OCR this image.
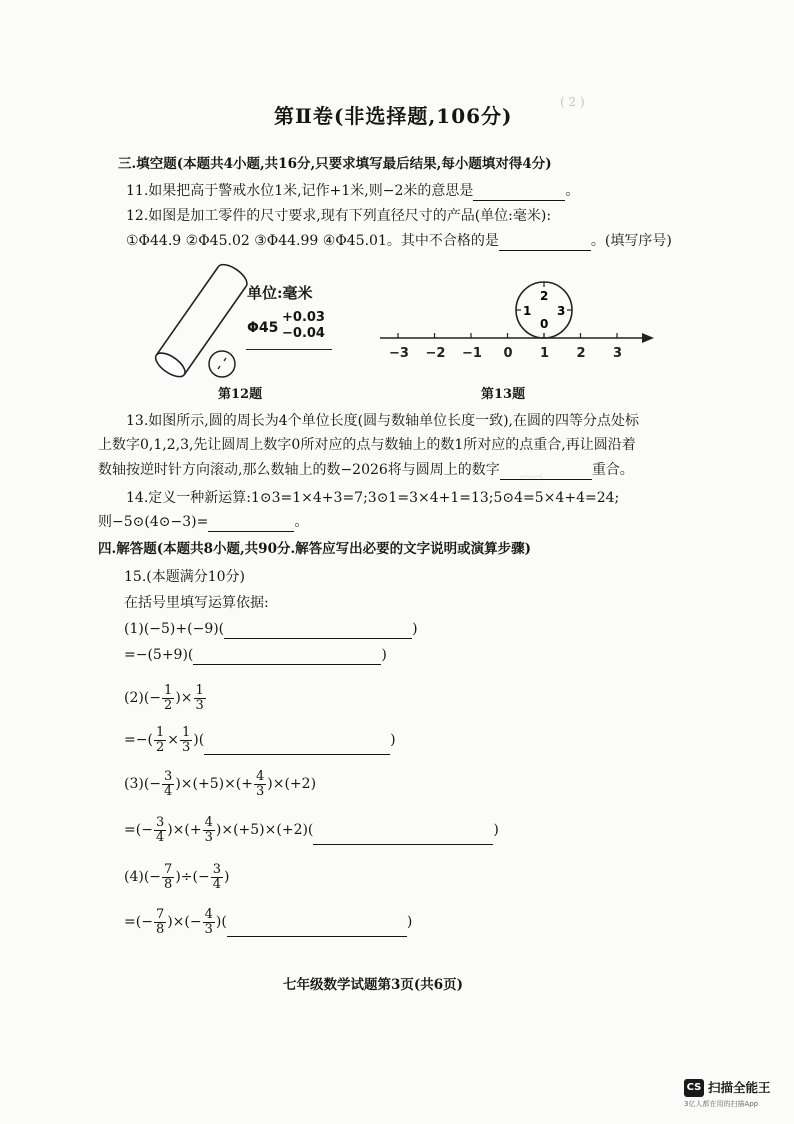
( 2 )
▭▭
第Ⅱ卷(非选择题,106分)
三.填空题(本题共4小题,共16分,只要求填写最后结果,每小题填对得4分)
11.如果把高于警戒水位1米,记作+1米,则−2米的意思是	。
12.如图是加工零件的尺寸要求,现有下列直径尺寸的产品(单位:毫米):
①Φ44.9 ②Φ45.02 ③Φ44.99 ④Φ45.01。其中不合格的是	。(填写序号)
单位:毫米
Φ45
+0.03
−0.04
第12题
−3 −2 −1 0 1 2 3
2
1 3
0
第13题
13.如图所示,圆的周长为4个单位长度(圆与数轴单位长度一致),在圆的四等分点处标
上数字0,1,2,3,先让圆周上数字0所对应的点与数轴上的数1所对应的点重合,再让圆沿着
数轴按逆时针方向滚动,那么数轴上的数−2026将与圆周上的数字	重合。
14.定义一种新运算:1⊙3=1×4+3=7;3⊙1=3×4+1=13;5⊙4=5×4+4=24;
则−5⊙(4⊙−3)=	。
四.解答题(本题共8小题,共90分.解答应写出必要的文字说明或演算步骤)
15.(本题满分10分)
在括号里填写运算依据:
(1)(−5)+(−9)(	)
=−(5+9)(	)
$(2)(- \frac{1}{2}$ )× $\frac{1}{3}$
=−( $\frac{1}{2} \times \frac{1}{3}$ )(	)
$(3)(- \frac{3}{4} )\times(+5)\times(+ \frac{4}{3} )\times(+2)$
=(− $\frac{3}{4}$ )×(+ $\frac{4}{3} )\times(+5)\times(+2)$(	)
$(4)(- \frac{7}{8}$ )÷(− $\frac{3}{4}$ )
=(− $\frac{7}{8}$ )×(− $\frac{4}{3}$ )(	)
七年级数学试题第3页(共6页)
CS 扫描全能王
3亿人都在用的扫描App
